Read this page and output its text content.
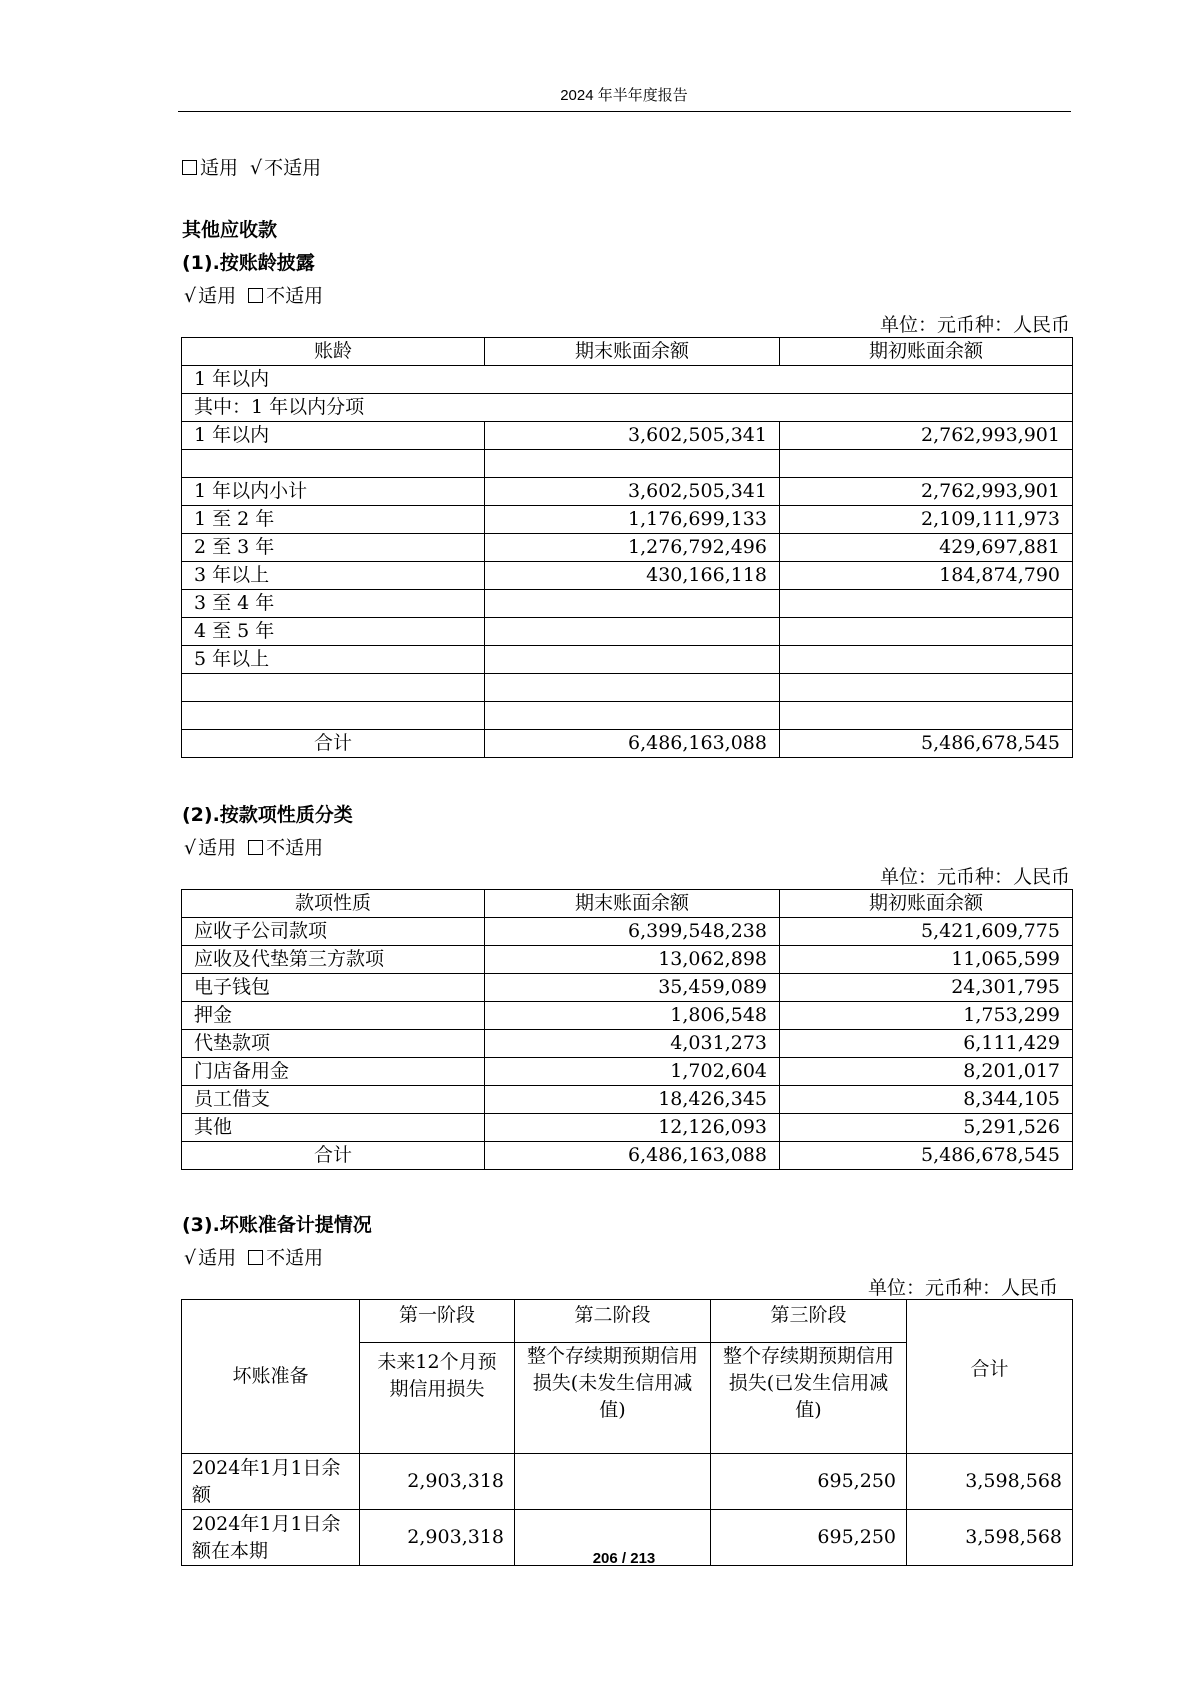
2024 年半年度报告
适用 √ 不适用
其他应收款
(1).按账龄披露
√ 适用 不适用
单位：元币种：人民币
账龄	期末账面余额	期初账面余额
1 年以内		
其中：1 年以内分项		
1 年以内	3,602,505,341	2,762,993,901

1 年以内小计	3,602,505,341	2,762,993,901
1 至 2 年	1,176,699,133	2,109,111,973
2 至 3 年	1,276,792,496	429,697,881
3 年以上	430,166,118	184,874,790
3 至 4 年		
4 至 5 年		
5 年以上		

合计	6,486,163,088	5,486,678,545
(2).按款项性质分类
√ 适用 不适用
单位：元币种：人民币
款项性质	期末账面余额	期初账面余额
应收子公司款项	6,399,548,238	5,421,609,775
应收及代垫第三方款项	13,062,898	11,065,599
电子钱包	35,459,089	24,301,795
押金	1,806,548	1,753,299
代垫款项	4,031,273	6,111,429
门店备用金	1,702,604	8,201,017
员工借支	18,426,345	8,344,105
其他	12,126,093	5,291,526
合计	6,486,163,088	5,486,678,545
(3).坏账准备计提情况
√ 适用 不适用
单位：元币种：人民币
坏账准备	第一阶段	第二阶段	第三阶段	合计
	未来12个月预期信用损失	整个存续期预期信用损失(未发生信用减值)	整个存续期预期信用损失(已发生信用减值)	
2024年1月1日余额	2,903,318		695,250	3,598,568
2024年1月1日余额在本期	2,903,318		695,250	3,598,568
206 / 213
